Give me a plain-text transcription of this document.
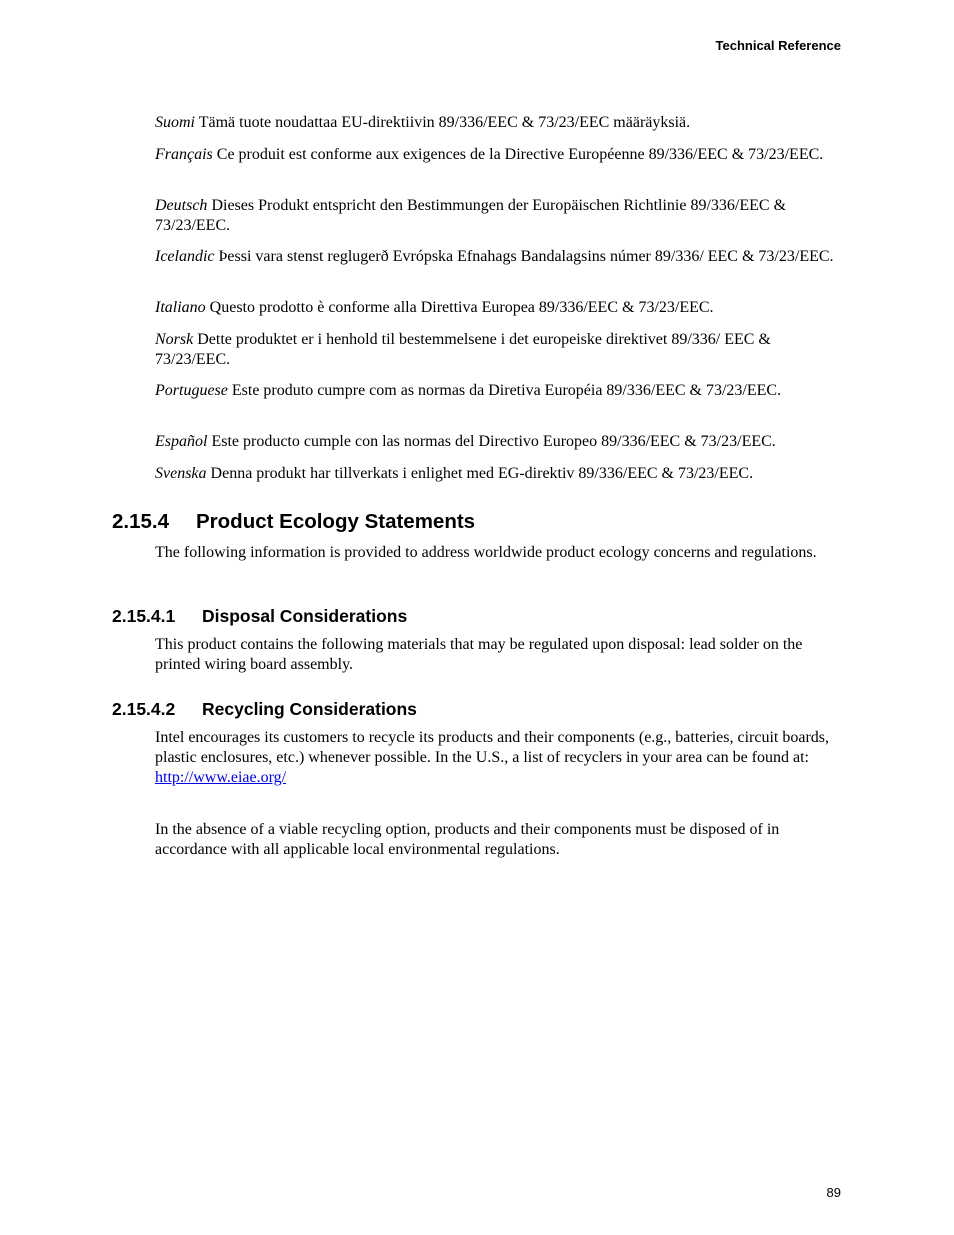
Technical Reference

Suomi Tämä tuote noudattaa EU-direktiivin 89/336/EEC & 73/23/EEC määräyksiä.

Français Ce produit est conforme aux exigences de la Directive Européenne 89/336/EEC & 73/23/EEC.

Deutsch Dieses Produkt entspricht den Bestimmungen der Europäischen Richtlinie 89/336/EEC & 73/23/EEC.

Icelandic Þessi vara stenst reglugerð Evrópska Efnahags Bandalagsins númer 89/336/ EEC & 73/23/EEC.

Italiano Questo prodotto è conforme alla Direttiva Europea 89/336/EEC & 73/23/EEC.

Norsk Dette produktet er i henhold til bestemmelsene i det europeiske direktivet 89/336/ EEC & 73/23/EEC.

Portuguese Este produto cumpre com as normas da Diretiva Européia 89/336/EEC & 73/23/EEC.

Español Este producto cumple con las normas del Directivo Europeo 89/336/EEC & 73/23/EEC.

Svenska Denna produkt har tillverkats i enlighet med EG-direktiv 89/336/EEC & 73/23/EEC.

2.15.4 Product Ecology Statements

The following information is provided to address worldwide product ecology concerns and regulations.

2.15.4.1 Disposal Considerations

This product contains the following materials that may be regulated upon disposal: lead solder on the printed wiring board assembly.

2.15.4.2 Recycling Considerations

Intel encourages its customers to recycle its products and their components (e.g., batteries, circuit boards, plastic enclosures, etc.) whenever possible. In the U.S., a list of recyclers in your area can be found at:
http://www.eiae.org/

In the absence of a viable recycling option, products and their components must be disposed of in accordance with all applicable local environmental regulations.

89
